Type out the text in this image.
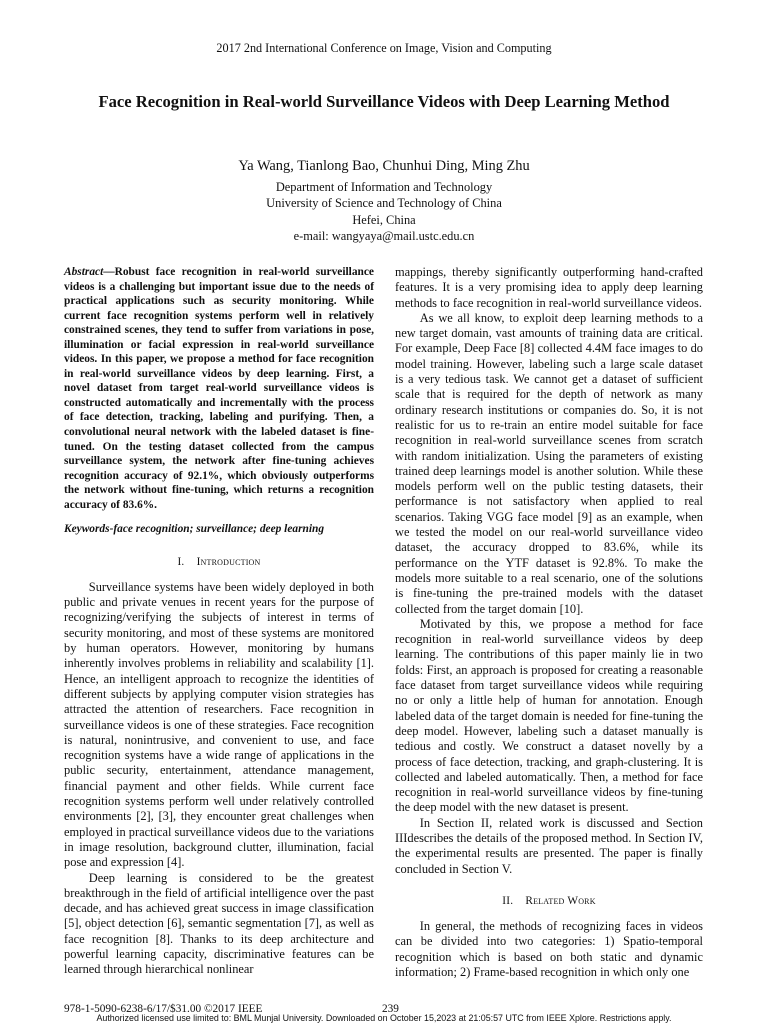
2017 2nd International Conference on Image, Vision and Computing
Face Recognition in Real-world Surveillance Videos with Deep Learning Method
Ya Wang, Tianlong Bao, Chunhui Ding, Ming Zhu
Department of Information and Technology
University of Science and Technology of China
Hefei, China
e-mail: wangyaya@mail.ustc.edu.cn

Abstract—Robust face recognition in real-world surveillance videos is a challenging but important issue due to the needs of practical applications such as security monitoring. While current face recognition systems perform well in relatively constrained scenes, they tend to suffer from variations in pose, illumination or facial expression in real-world surveillance videos. In this paper, we propose a method for face recognition in real-world surveillance videos by deep learning. First, a novel dataset from target real-world surveillance videos is constructed automatically and incrementally with the process of face detection, tracking, labeling and purifying. Then, a convolutional neural network with the labeled dataset is fine-tuned. On the testing dataset collected from the campus surveillance system, the network after fine-tuning achieves recognition accuracy of 92.1%, which obviously outperforms the network without fine-tuning, which returns a recognition accuracy of 83.6%.

Keywords-face recognition; surveillance; deep learning

I. Introduction

Surveillance systems have been widely deployed in both public and private venues in recent years for the purpose of recognizing/verifying the subjects of interest in terms of security monitoring, and most of these systems are monitored by human operators. However, monitoring by humans inherently involves problems in reliability and scalability [1]. Hence, an intelligent approach to recognize the identities of different subjects by applying computer vision strategies has attracted the attention of researchers. Face recognition in surveillance videos is one of these strategies. Face recognition is natural, nonintrusive, and convenient to use, and face recognition systems have a wide range of applications in the public security, entertainment, attendance management, financial payment and other fields. While current face recognition systems perform well under relatively controlled environments [2], [3], they encounter great challenges when employed in practical surveillance videos due to the variations in image resolution, background clutter, illumination, facial pose and expression [4].

Deep learning is considered to be the greatest breakthrough in the field of artificial intelligence over the past decade, and has achieved great success in image classification [5], object detection [6], semantic segmentation [7], as well as face recognition [8]. Thanks to its deep architecture and powerful learning capacity, discriminative features can be learned through hierarchical nonlinear

mappings, thereby significantly outperforming hand-crafted features. It is a very promising idea to apply deep learning methods to face recognition in real-world surveillance videos.

As we all know, to exploit deep learning methods to a new target domain, vast amounts of training data are critical. For example, Deep Face [8] collected 4.4M face images to do model training. However, labeling such a large scale dataset is a very tedious task. We cannot get a dataset of sufficient scale that is required for the depth of network as many ordinary research institutions or companies do. So, it is not realistic for us to re-train an entire model suitable for face recognition in real-world surveillance scenes from scratch with random initialization. Using the parameters of existing trained deep learnings model is another solution. While these models perform well on the public testing datasets, their performance is not satisfactory when applied to real scenarios. Taking VGG face model [9] as an example, when we tested the model on our real-world surveillance video dataset, the accuracy dropped to 83.6%, while its performance on the YTF dataset is 92.8%. To make the models more suitable to a real scenario, one of the solutions is fine-tuning the pre-trained models with the dataset collected from the target domain [10].

Motivated by this, we propose a method for face recognition in real-world surveillance videos by deep learning. The contributions of this paper mainly lie in two folds: First, an approach is proposed for creating a reasonable face dataset from target surveillance videos while requiring no or only a little help of human for annotation. Enough labeled data of the target domain is needed for fine-tuning the deep model. However, labeling such a dataset manually is tedious and costly. We construct a dataset novelly by a process of face detection, tracking, and graph-clustering. It is collected and labeled automatically. Then, a method for face recognition in real-world surveillance videos by fine-tuning the deep model with the new dataset is present.

In Section II, related work is discussed and Section IIIdescribes the details of the proposed method. In Section IV, the experimental results are presented. The paper is finally concluded in Section V.

II. Related Work

In general, the methods of recognizing faces in videos can be divided into two categories: 1) Spatio-temporal recognition which is based on both static and dynamic information; 2) Frame-based recognition in which only one

978-1-5090-6238-6/17/$31.00 ©2017 IEEE	239
Authorized licensed use limited to: BML Munjal University. Downloaded on October 15,2023 at 21:05:57 UTC from IEEE Xplore. Restrictions apply.
